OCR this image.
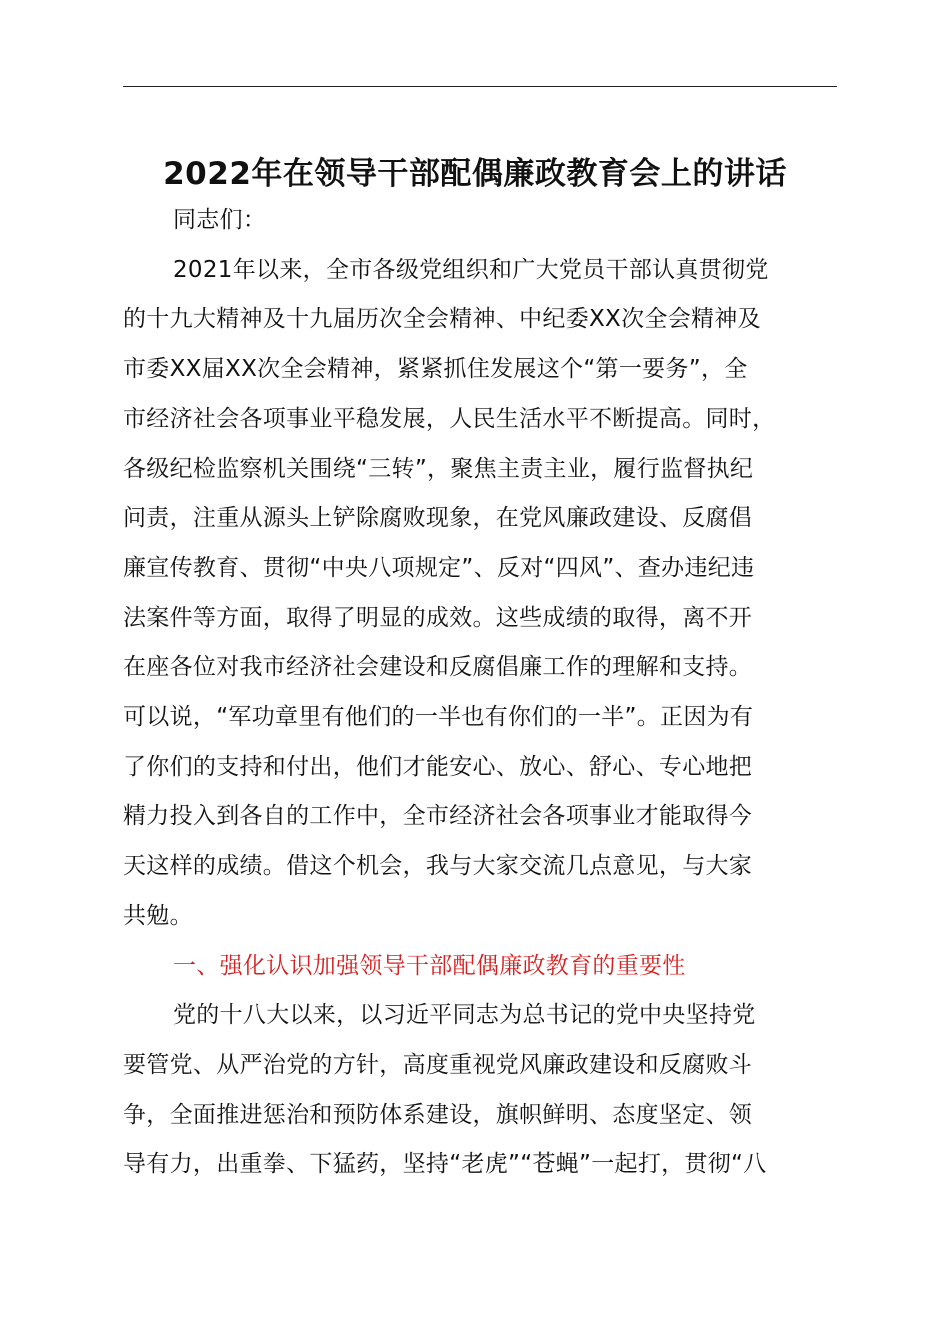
2022年在领导干部配偶廉政教育会上的讲话
同志们：
2021年以来，全市各级党组织和广大党员干部认真贯彻党
的十九大精神及十九届历次全会精神、中纪委XX次全会精神及
市委XX届XX次全会精神，紧紧抓住发展这个“第一要务”，全
市经济社会各项事业平稳发展，人民生活水平不断提高。同时，
各级纪检监察机关围绕“三转”，聚焦主责主业，履行监督执纪
问责，注重从源头上铲除腐败现象，在党风廉政建设、反腐倡
廉宣传教育、贯彻“中央八项规定”、反对“四风”、查办违纪违
法案件等方面，取得了明显的成效。这些成绩的取得，离不开
在座各位对我市经济社会建设和反腐倡廉工作的理解和支持。
可以说，“军功章里有他们的一半也有你们的一半”。正因为有
了你们的支持和付出，他们才能安心、放心、舒心、专心地把
精力投入到各自的工作中，全市经济社会各项事业才能取得今
天这样的成绩。借这个机会，我与大家交流几点意见，与大家
共勉。
一、强化认识加强领导干部配偶廉政教育的重要性
党的十八大以来，以习近平同志为总书记的党中央坚持党
要管党、从严治党的方针，高度重视党风廉政建设和反腐败斗
争，全面推进惩治和预防体系建设，旗帜鲜明、态度坚定、领
导有力，出重拳、下猛药，坚持“老虎”“苍蝇”一起打，贯彻“八
